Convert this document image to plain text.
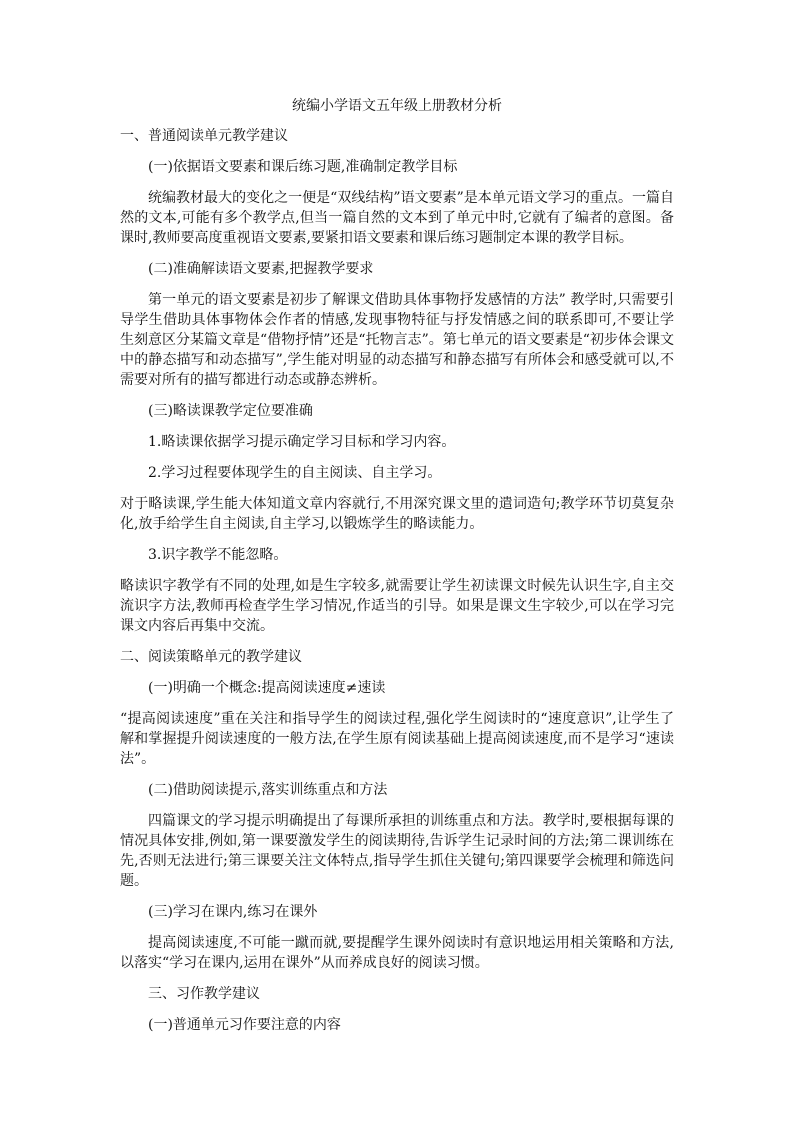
统编小学语文五年级上册教材分析

一、普通阅读单元教学建议

(一)依据语文要素和课后练习题,准确制定教学目标

统编教材最大的变化之一便是“双线结构”语文要素”是本单元语文学习的重点。一篇自然的文本,可能有多个教学点,但当一篇自然的文本到了单元中时,它就有了编者的意图。备课时,教师要高度重视语文要素,要紧扣语文要素和课后练习题制定本课的教学目标。

(二)准确解读语文要素,把握教学要求

第一单元的语文要素是初步了解课文借助具体事物抒发感情的方法” 教学时,只需要引导学生借助具体事物体会作者的情感,发现事物特征与抒发情感之间的联系即可,不要让学生刻意区分某篇文章是“借物抒情”还是“托物言志”。第七单元的语文要素是“初步体会课文中的静态描写和动态描写”,学生能对明显的动态描写和静态描写有所体会和感受就可以,不需要对所有的描写都进行动态或静态辨析。

(三)略读课教学定位要准确

1.略读课依据学习提示确定学习目标和学习内容。

2.学习过程要体现学生的自主阅读、自主学习。

对于略读课,学生能大体知道文章内容就行,不用深究课文里的遣词造句;教学环节切莫复杂化,放手给学生自主阅读,自主学习,以锻炼学生的略读能力。

3.识字教学不能忽略。

略读识字教学有不同的处理,如是生字较多,就需要让学生初读课文时候先认识生字,自主交流识字方法,教师再检查学生学习情况,作适当的引导。如果是课文生字较少,可以在学习完课文内容后再集中交流。

二、阅读策略单元的教学建议

(一)明确一个概念:提高阅读速度≠速读

“提高阅读速度”重在关注和指导学生的阅读过程,强化学生阅读时的“速度意识”,让学生了解和掌握提升阅读速度的一般方法,在学生原有阅读基础上提高阅读速度,而不是学习“速读法”。

(二)借助阅读提示,落实训练重点和方法

四篇课文的学习提示明确提出了每课所承担的训练重点和方法。教学时,要根据每课的情况具体安排,例如,第一课要激发学生的阅读期待,告诉学生记录时间的方法;第二课训练在先,否则无法进行;第三课要关注文体特点,指导学生抓住关键句;第四课要学会梳理和筛选问题。

(三)学习在课内,练习在课外

提高阅读速度,不可能一蹴而就,要提醒学生课外阅读时有意识地运用相关策略和方法,以落实“学习在课内,运用在课外”从而养成良好的阅读习惯。

三、习作教学建议

(一)普通单元习作要注意的内容
